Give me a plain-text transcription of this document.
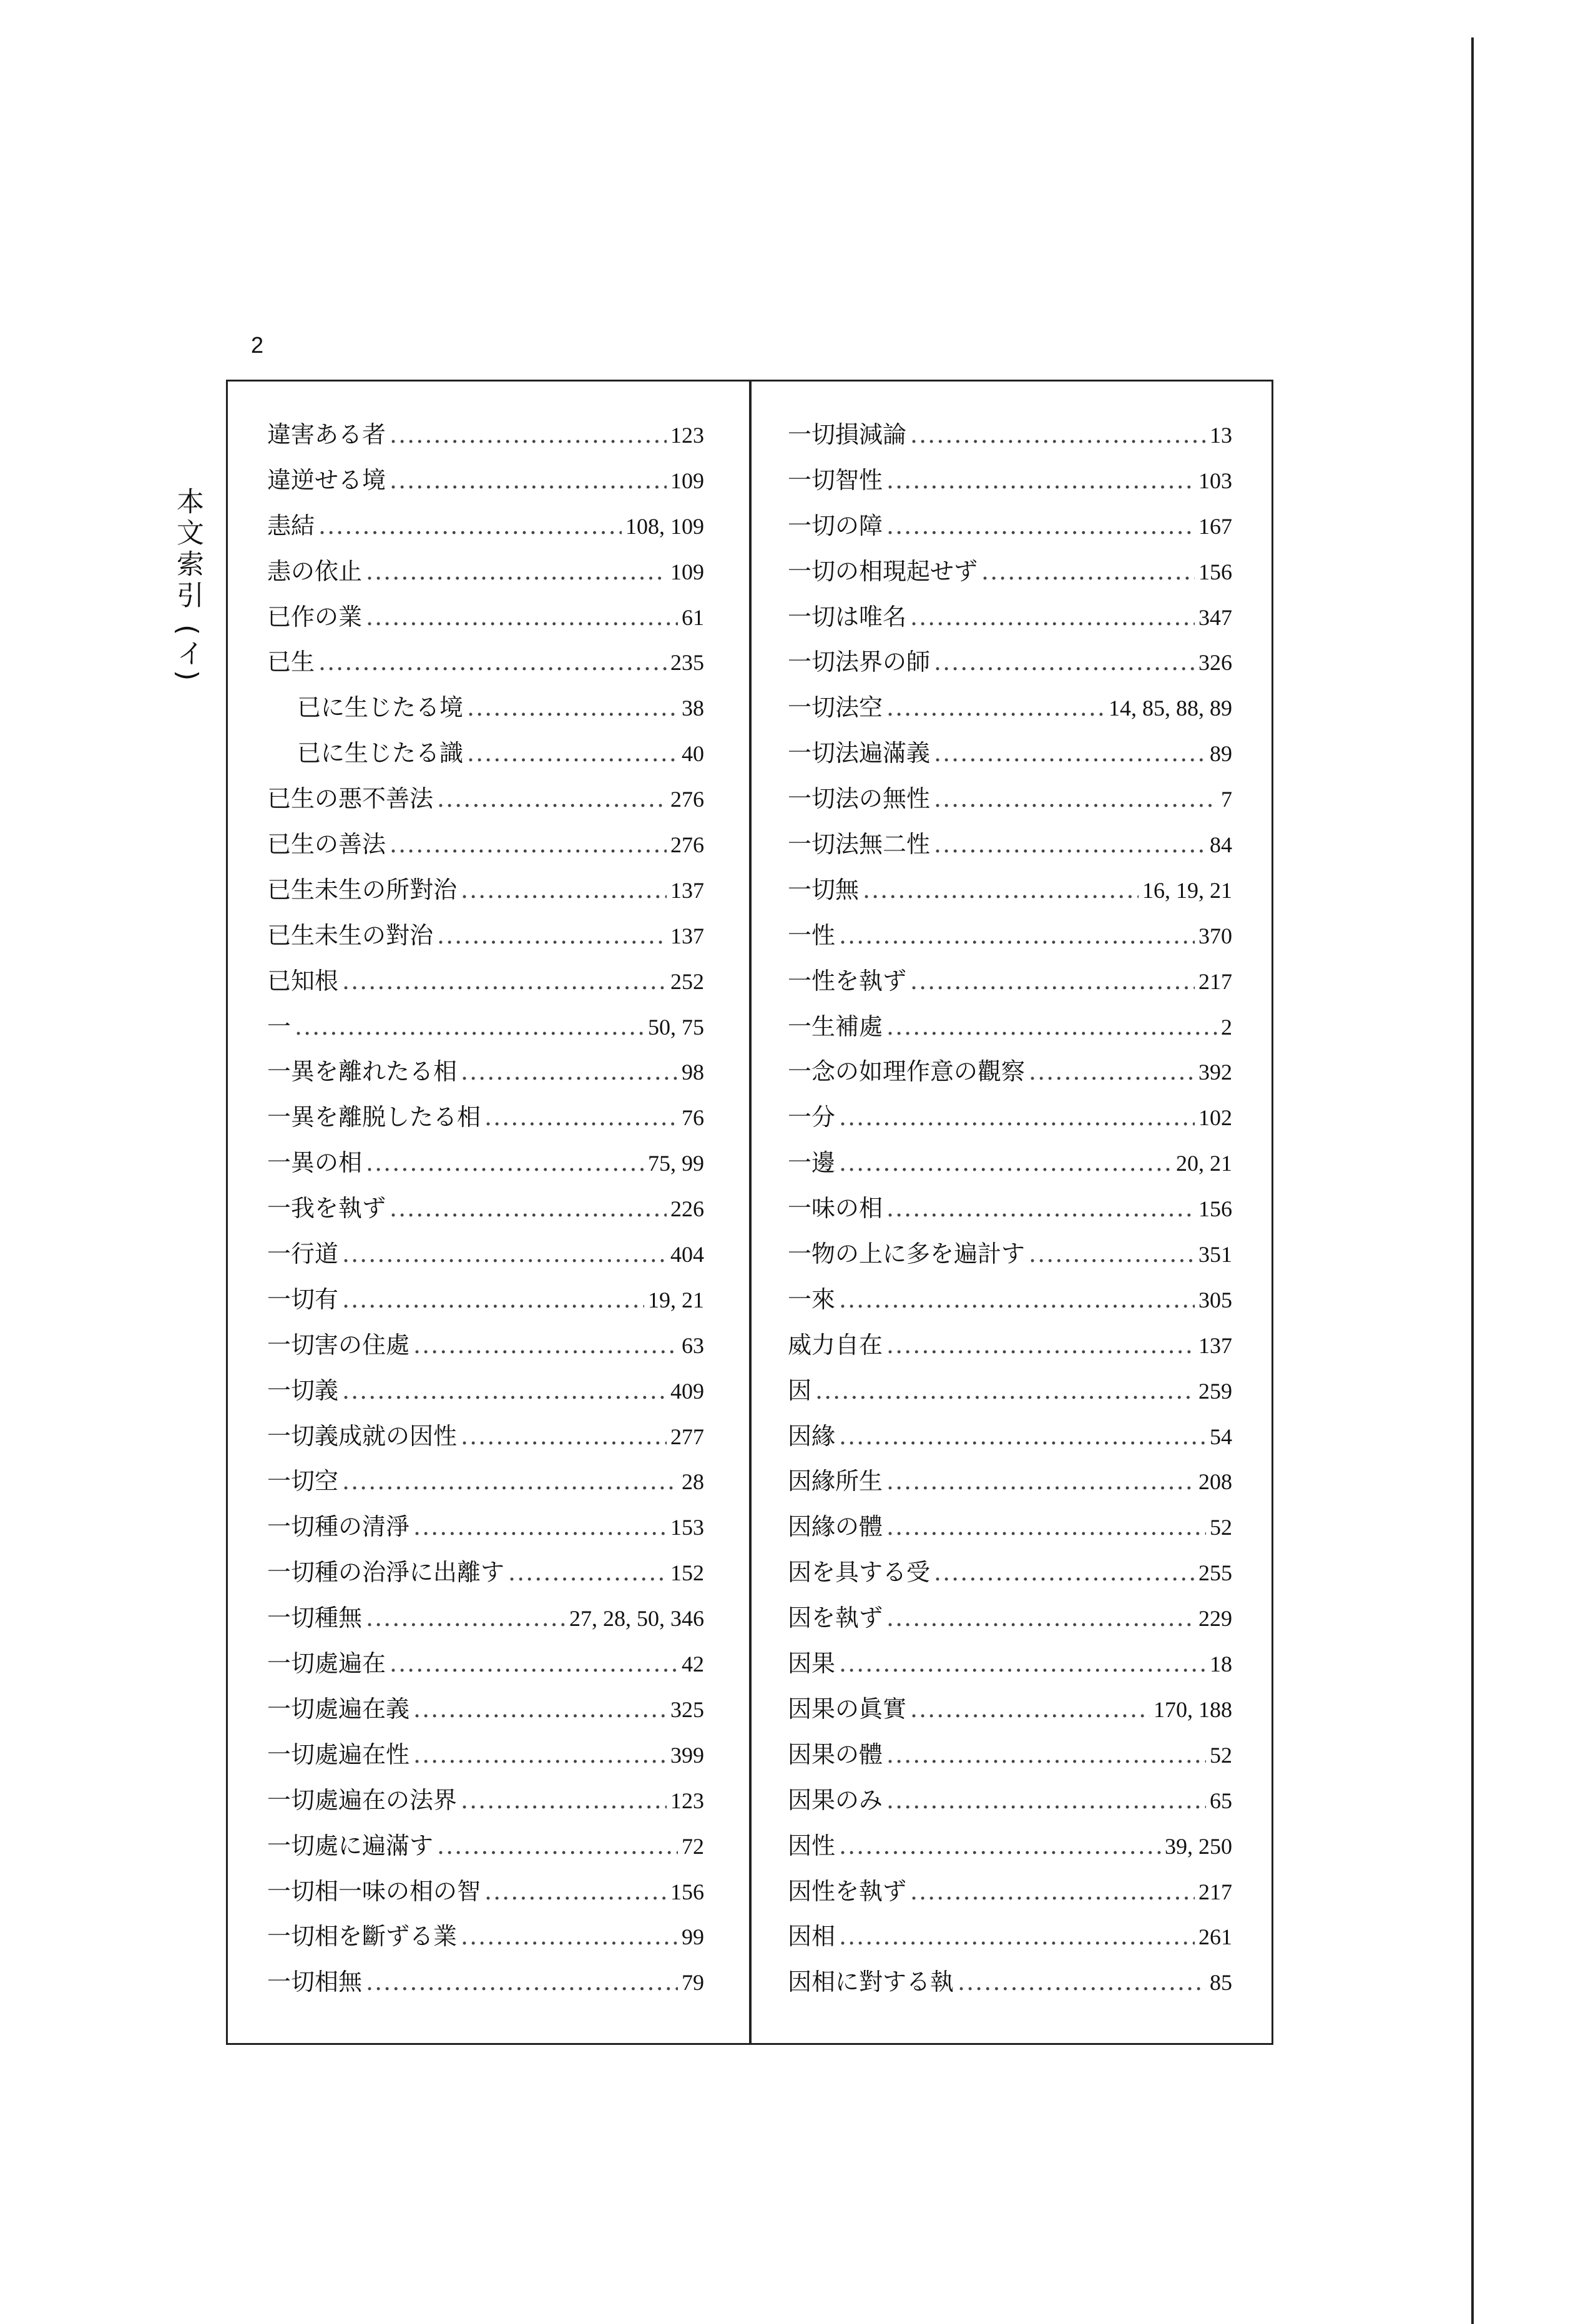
2
本文索引 (イ)
違害ある者 .....	123
違逆せる境 .....	109
恚結 .....	108, 109
恚の依止 .....	109
已作の業 .....	61
已生 .....	235
已に生じたる境 .....	38
已に生じたる識 .....	40
已生の悪不善法 .....	276
已生の善法 .....	276
已生未生の所對治 .....	137
已生未生の對治 .....	137
已知根 .....	252
一 .....	50, 75
一異を離れたる相 .....	98
一異を離脱したる相 .....	76
一異の相 .....	75, 99
一我を執ず .....	226
一行道 .....	404
一切有 .....	19, 21
一切害の住處 .....	63
一切義 .....	409
一切義成就の因性 .....	277
一切空 .....	28
一切種の清淨 .....	153
一切種の治淨に出離す .....	152
一切種無 .....	27, 28, 50, 346
一切處遍在 .....	42
一切處遍在義 .....	325
一切處遍在性 .....	399
一切處遍在の法界 .....	123
一切處に遍滿す .....	72
一切相一味の相の智 .....	156
一切相を斷ずる業 .....	99
一切相無 .....	79
一切損減論 .....	13
一切智性 .....	103
一切の障 .....	167
一切の相現起せず .....	156
一切は唯名 .....	347
一切法界の師 .....	326
一切法空 .....	14, 85, 88, 89
一切法遍滿義 .....	89
一切法の無性 .....	7
一切法無二性 .....	84
一切無 .....	16, 19, 21
一性 .....	370
一性を執ず .....	217
一生補處 .....	2
一念の如理作意の觀察 .....	392
一分 .....	102
一邊 .....	20, 21
一味の相 .....	156
一物の上に多を遍計す .....	351
一來 .....	305
威力自在 .....	137
因 .....	259
因緣 .....	54
因緣所生 .....	208
因緣の體 .....	52
因を具する受 .....	255
因を執ず .....	229
因果 .....	18
因果の眞實 .....	170, 188
因果の體 .....	52
因果のみ .....	65
因性 .....	39, 250
因性を執ず .....	217
因相 .....	261
因相に對する執 .....	85
